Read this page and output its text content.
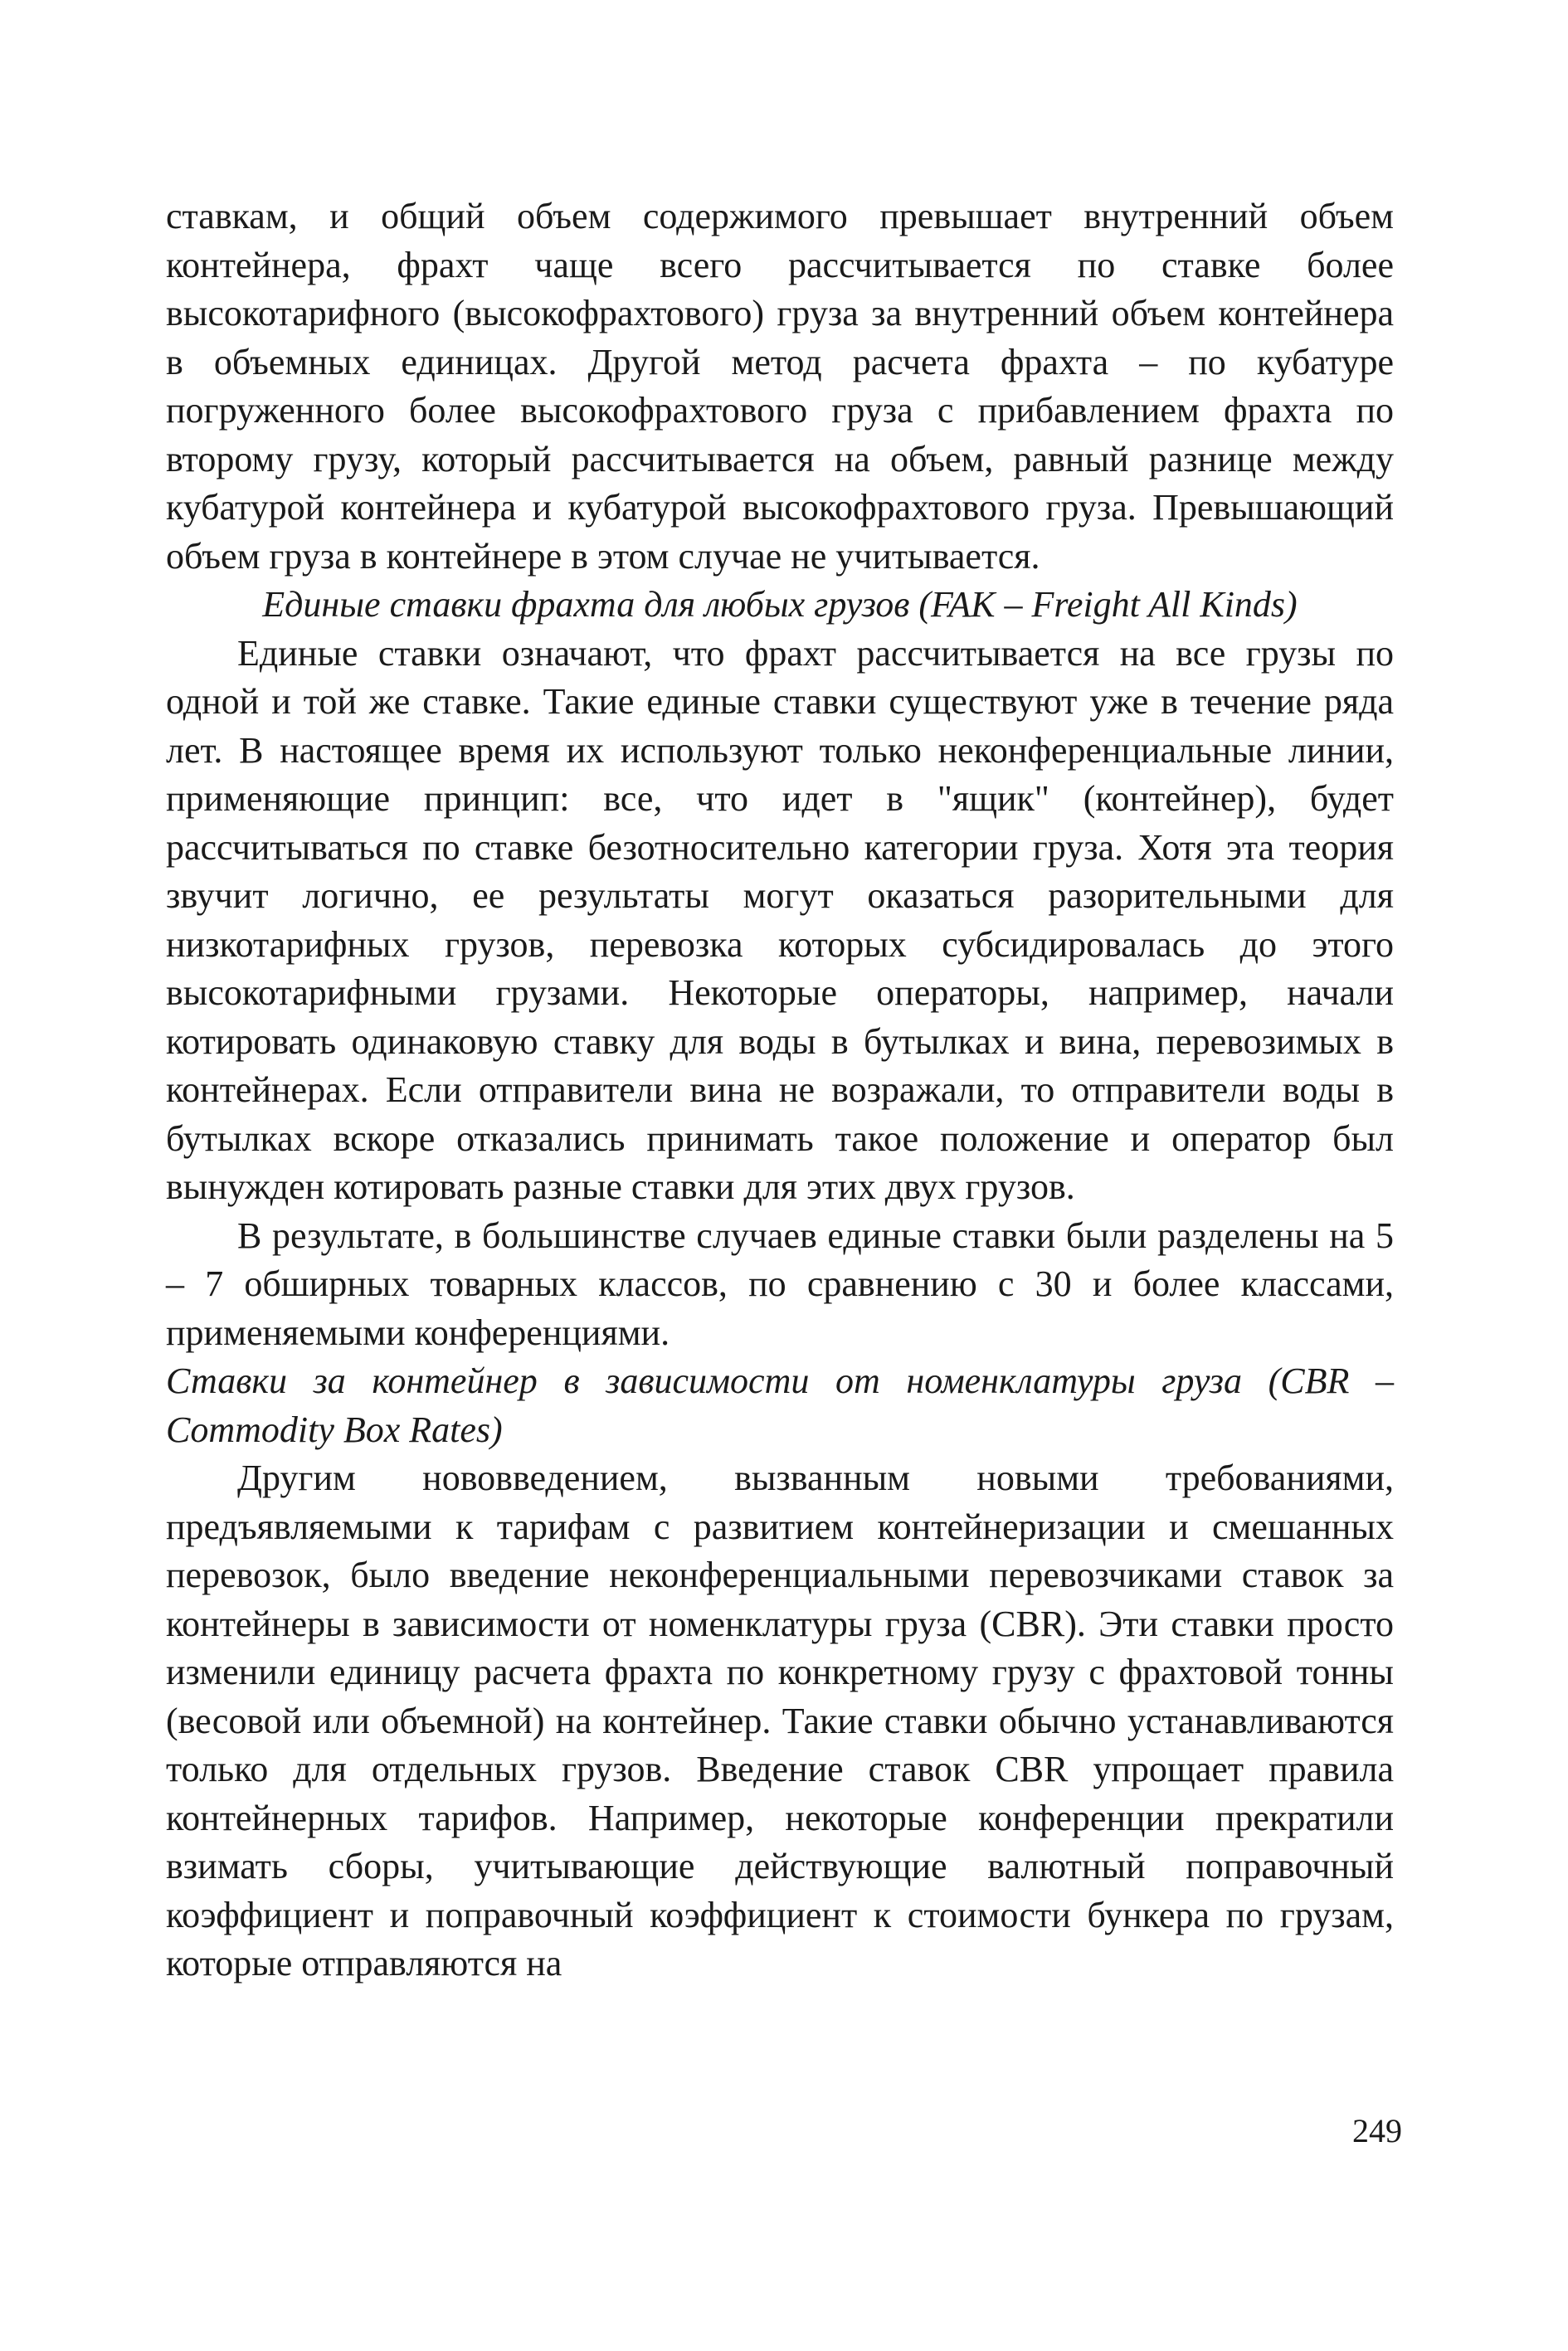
ставкам, и общий объем содержимого превышает внутренний объем контейнера, фрахт чаще всего рассчитывается по ставке более высокотарифного (высокофрахтового) груза за внутренний объем контейнера в объемных единицах. Другой метод расчета фрахта – по кубатуре погруженного более высокофрахтового груза с прибавлением фрахта по второму грузу, который рассчитывается на объем, равный разнице между кубатурой контейнера и кубатурой высокофрахтового груза. Превышающий объем груза в контейнере в этом случае не учитывается.

Единые ставки фрахта для любых грузов (FAK – Freight All Kinds)

Единые ставки означают, что фрахт рассчитывается на все грузы по одной и той же ставке. Такие единые ставки существуют уже в течение ряда лет. В настоящее время их используют только неконференциальные линии, применяющие принцип: все, что идет в "ящик" (контейнер), будет рассчитываться по ставке безотносительно категории груза. Хотя эта теория звучит логично, ее результаты могут оказаться разорительными для низкотарифных грузов, перевозка которых субсидировалась до этого высокотарифными грузами. Некоторые операторы, например, начали котировать одинаковую ставку для воды в бутылках и вина, перевозимых в контейнерах. Если отправители вина не возражали, то отправители воды в бутылках вскоре отказались принимать такое положение и оператор был вынужден котировать разные ставки для этих двух грузов.

В результате, в большинстве случаев единые ставки были разделены на 5 – 7 обширных товарных классов, по сравнению с 30 и более классами, применяемыми конференциями.

Ставки за контейнер в зависимости от номенклатуры груза (CBR – Commodity Box Rates)

Другим нововведением, вызванным новыми требованиями, предъявляемыми к тарифам с развитием контейнеризации и смешанных перевозок, было введение неконференциальными перевозчиками ставок за контейнеры в зависимости от номенклатуры груза (CBR). Эти ставки просто изменили единицу расчета фрахта по конкретному грузу с фрахтовой тонны (весовой или объемной) на контейнер. Такие ставки обычно устанавливаются только для отдельных грузов. Введение ставок CBR упрощает правила контейнерных тарифов. Например, некоторые конференции прекратили взимать сборы, учитывающие действующие валютный поправочный коэффициент и поправочный коэффициент к стоимости бункера по грузам, которые отправляются на

249
